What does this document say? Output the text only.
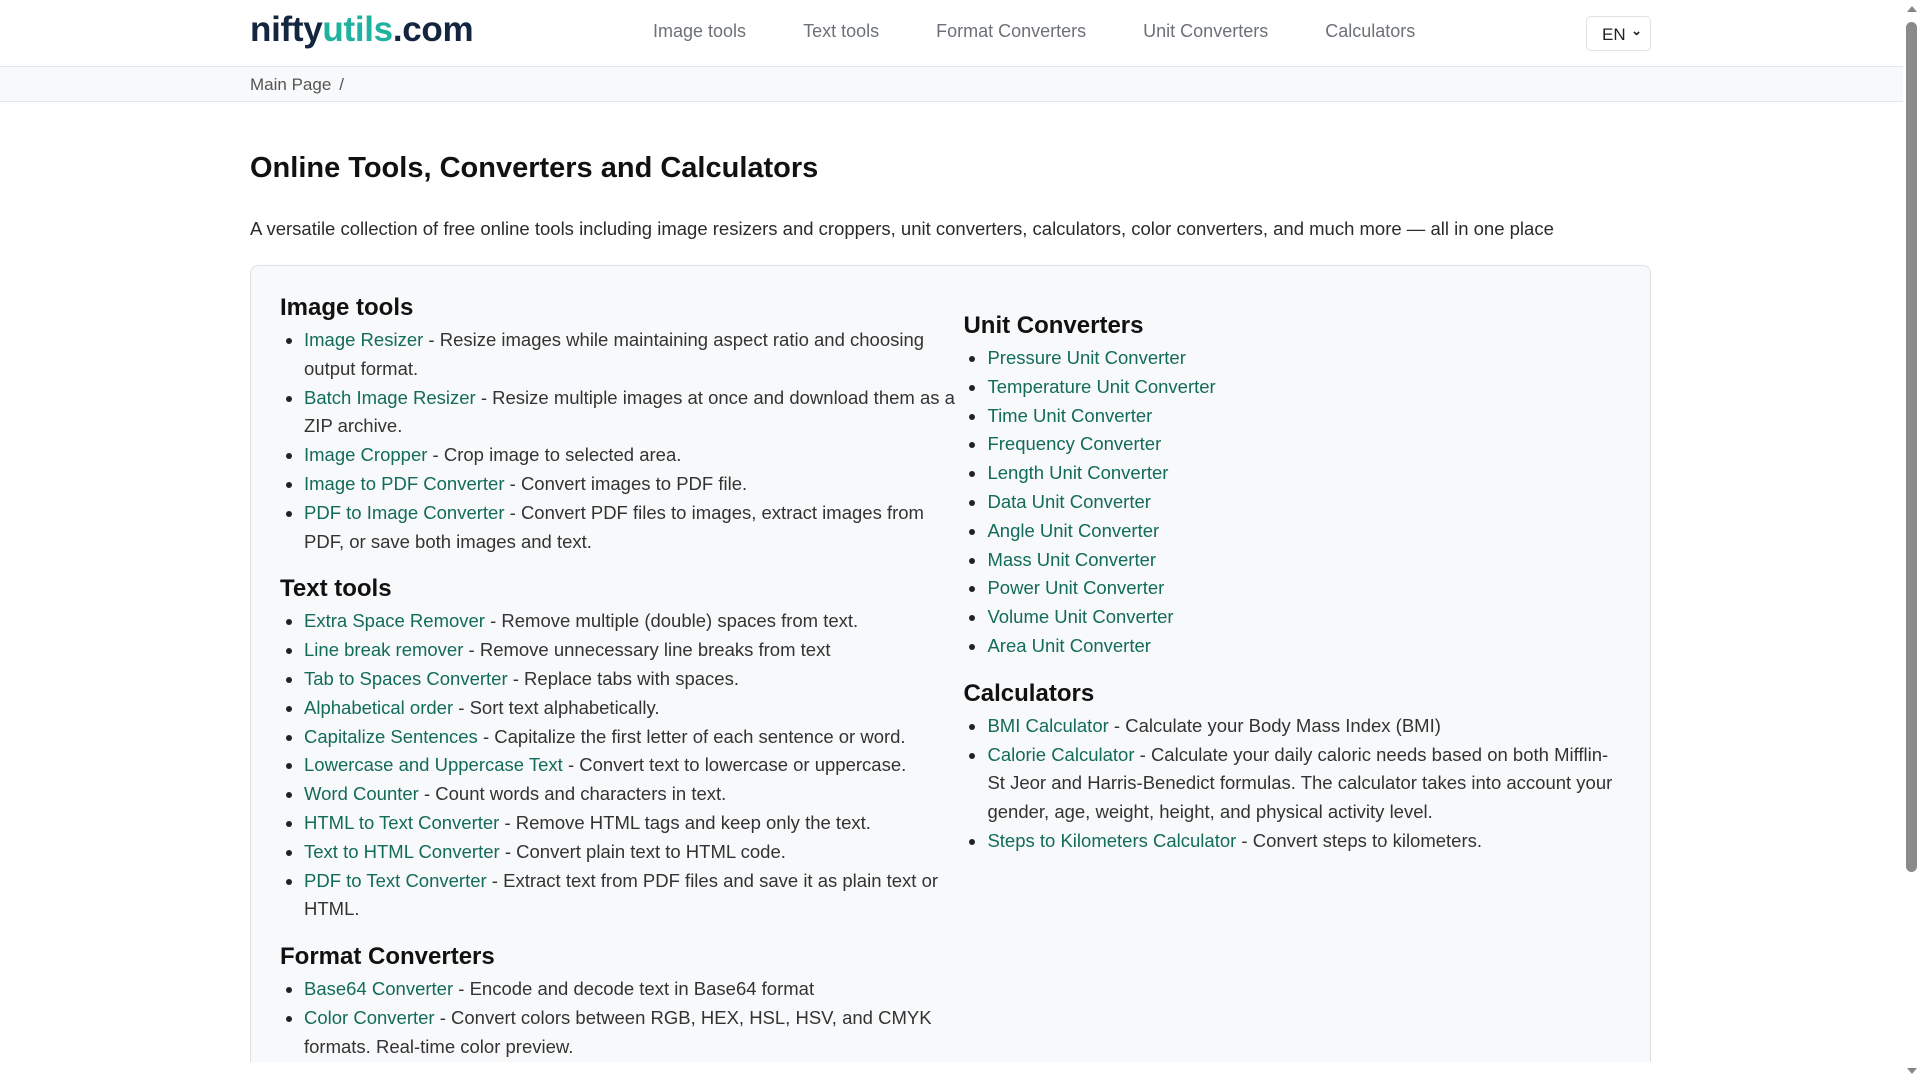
niftyutils.com	Image tools	Text tools	Format Converters	Unit Converters	Calculators	EN ⌄
Main Page /
Online Tools, Converters and Calculators

A versatile collection of free online tools including image resizers and croppers, unit converters, calculators, color converters, and much more — all in one place

Image tools
Image Resizer - Resize images while maintaining aspect ratio and choosing output format.
Batch Image Resizer - Resize multiple images at once and download them as a ZIP archive.
Image Cropper - Crop image to selected area.
Image to PDF Converter - Convert images to PDF file.
PDF to Image Converter - Convert PDF files to images, extract images from PDF, or save both images and text.
Text tools
Extra Space Remover - Remove multiple (double) spaces from text.
Line break remover - Remove unnecessary line breaks from text
Tab to Spaces Converter - Replace tabs with spaces.
Alphabetical order - Sort text alphabetically.
Capitalize Sentences - Capitalize the first letter of each sentence or word.
Lowercase and Uppercase Text - Convert text to lowercase or uppercase.
Word Counter - Count words and characters in text.
HTML to Text Converter - Remove HTML tags and keep only the text.
Text to HTML Converter - Convert plain text to HTML code.
PDF to Text Converter - Extract text from PDF files and save it as plain text or HTML.
Format Converters
Base64 Converter - Encode and decode text in Base64 format
Color Converter - Convert colors between RGB, HEX, HSL, HSV, and CMYK formats. Real-time color preview.
Unit Converters
Pressure Unit Converter
Temperature Unit Converter
Time Unit Converter
Frequency Converter
Length Unit Converter
Data Unit Converter
Angle Unit Converter
Mass Unit Converter
Power Unit Converter
Volume Unit Converter
Area Unit Converter
Calculators
BMI Calculator - Calculate your Body Mass Index (BMI)
Calorie Calculator - Calculate your daily caloric needs based on both Mifflin-St Jeor and Harris-Benedict formulas. The calculator takes into account your gender, age, weight, height, and physical activity level.
Steps to Kilometers Calculator - Convert steps to kilometers.
